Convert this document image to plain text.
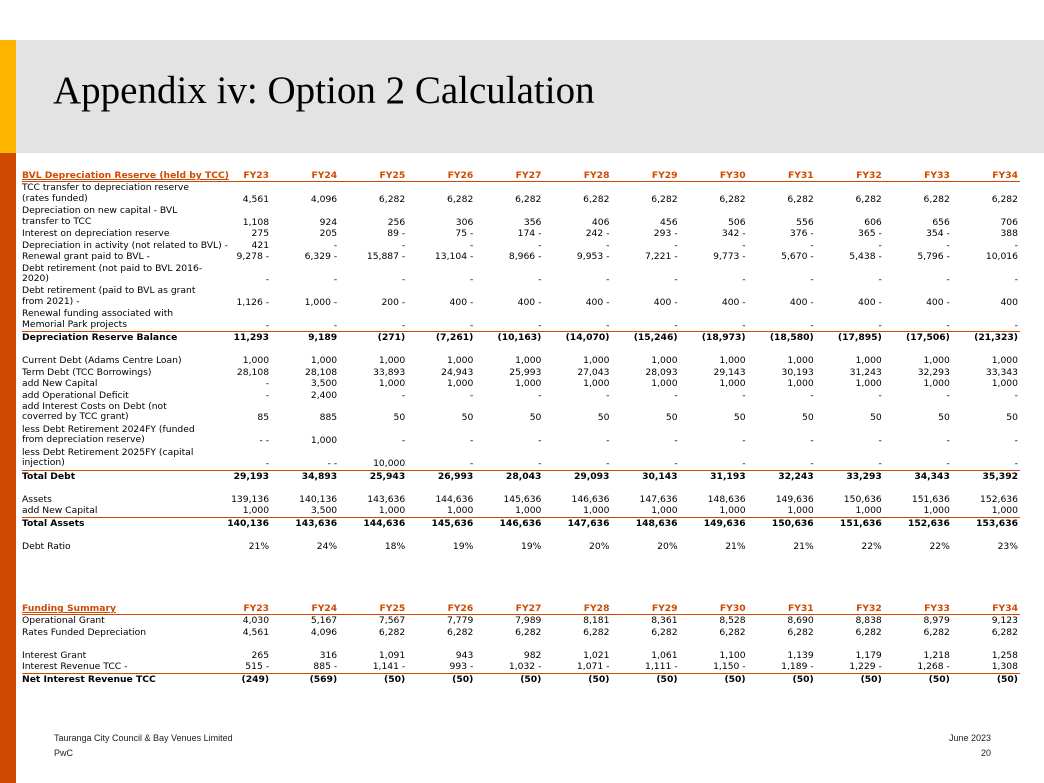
Appendix iv: Option 2 Calculation
BVL Depreciation Reserve (held by TCC)	FY23	FY24	FY25	FY26	FY27	FY28	FY29	FY30	FY31	FY32	FY33	FY34
TCC transfer to depreciation reserve (rates funded)	4,561	4,096	6,282	6,282	6,282	6,282	6,282	6,282	6,282	6,282	6,282	6,282
Depreciation on new capital - BVL transfer to TCC	1,108	924	256	306	356	406	456	506	556	606	656	706
Interest on depreciation reserve	275	205	89 -	75 -	174 -	242 -	293 -	342 -	376 -	365 -	354 -	388
Depreciation in activity (not related to BVL) -	421	-	-	-	-	-	-	-	-	-	-	-
Renewal grant paid to BVL -	9,278 -	6,329 -	15,887 -	13,104 -	8,966 -	9,953 -	7,221 -	9,773 -	5,670 -	5,438 -	5,796 -	10,016
Debt retirement (not paid to BVL 2016-2020)	-	-	-	-	-	-	-	-	-	-	-	-
Debt retirement (paid to BVL as grant from 2021) -	1,126 -	1,000 -	200 -	400 -	400 -	400 -	400 -	400 -	400 -	400 -	400 -	400
Renewal funding associated with Memorial Park projects	-	-	-	-	-	-	-	-	-	-	-	-
Depreciation Reserve Balance	11,293	9,189	(271)	(7,261)	(10,163)	(14,070)	(15,246)	(18,973)	(18,580)	(17,895)	(17,506)	(21,323)

Current Debt (Adams Centre Loan)	1,000	1,000	1,000	1,000	1,000	1,000	1,000	1,000	1,000	1,000	1,000	1,000
Term Debt (TCC Borrowings)	28,108	28,108	33,893	24,943	25,993	27,043	28,093	29,143	30,193	31,243	32,293	33,343
add New Capital	-	3,500	1,000	1,000	1,000	1,000	1,000	1,000	1,000	1,000	1,000	1,000
add Operational Deficit	-	2,400	-	-	-	-	-	-	-	-	-	-
add Interest Costs on Debt (not coverred by TCC grant)	85	885	50	50	50	50	50	50	50	50	50	50
less Debt Retirement 2024FY (funded from depreciation reserve)	- -	1,000	-	-	-	-	-	-	-	-	-	-
less Debt Retirement 2025FY (capital injection)	-	- -	10,000	-	-	-	-	-	-	-	-	-
Total Debt	29,193	34,893	25,943	26,993	28,043	29,093	30,143	31,193	32,243	33,293	34,343	35,392

Assets	139,136	140,136	143,636	144,636	145,636	146,636	147,636	148,636	149,636	150,636	151,636	152,636
add New Capital	1,000	3,500	1,000	1,000	1,000	1,000	1,000	1,000	1,000	1,000	1,000	1,000
Total Assets	140,136	143,636	144,636	145,636	146,636	147,636	148,636	149,636	150,636	151,636	152,636	153,636

Debt Ratio	21%	24%	18%	19%	19%	20%	20%	21%	21%	22%	22%	23%
Funding Summary	FY23	FY24	FY25	FY26	FY27	FY28	FY29	FY30	FY31	FY32	FY33	FY34
Operational Grant	4,030	5,167	7,567	7,779	7,989	8,181	8,361	8,528	8,690	8,838	8,979	9,123
Rates Funded Depreciation	4,561	4,096	6,282	6,282	6,282	6,282	6,282	6,282	6,282	6,282	6,282	6,282

Interest Grant	265	316	1,091	943	982	1,021	1,061	1,100	1,139	1,179	1,218	1,258
Interest Revenue TCC -	515 -	885 -	1,141 -	993 -	1,032 -	1,071 -	1,111 -	1,150 -	1,189 -	1,229 -	1,268 -	1,308
Net Interest Revenue TCC	(249)	(569)	(50)	(50)	(50)	(50)	(50)	(50)	(50)	(50)	(50)	(50)
Tauranga City Council & Bay Venues Limited
PwC
June 2023
20
